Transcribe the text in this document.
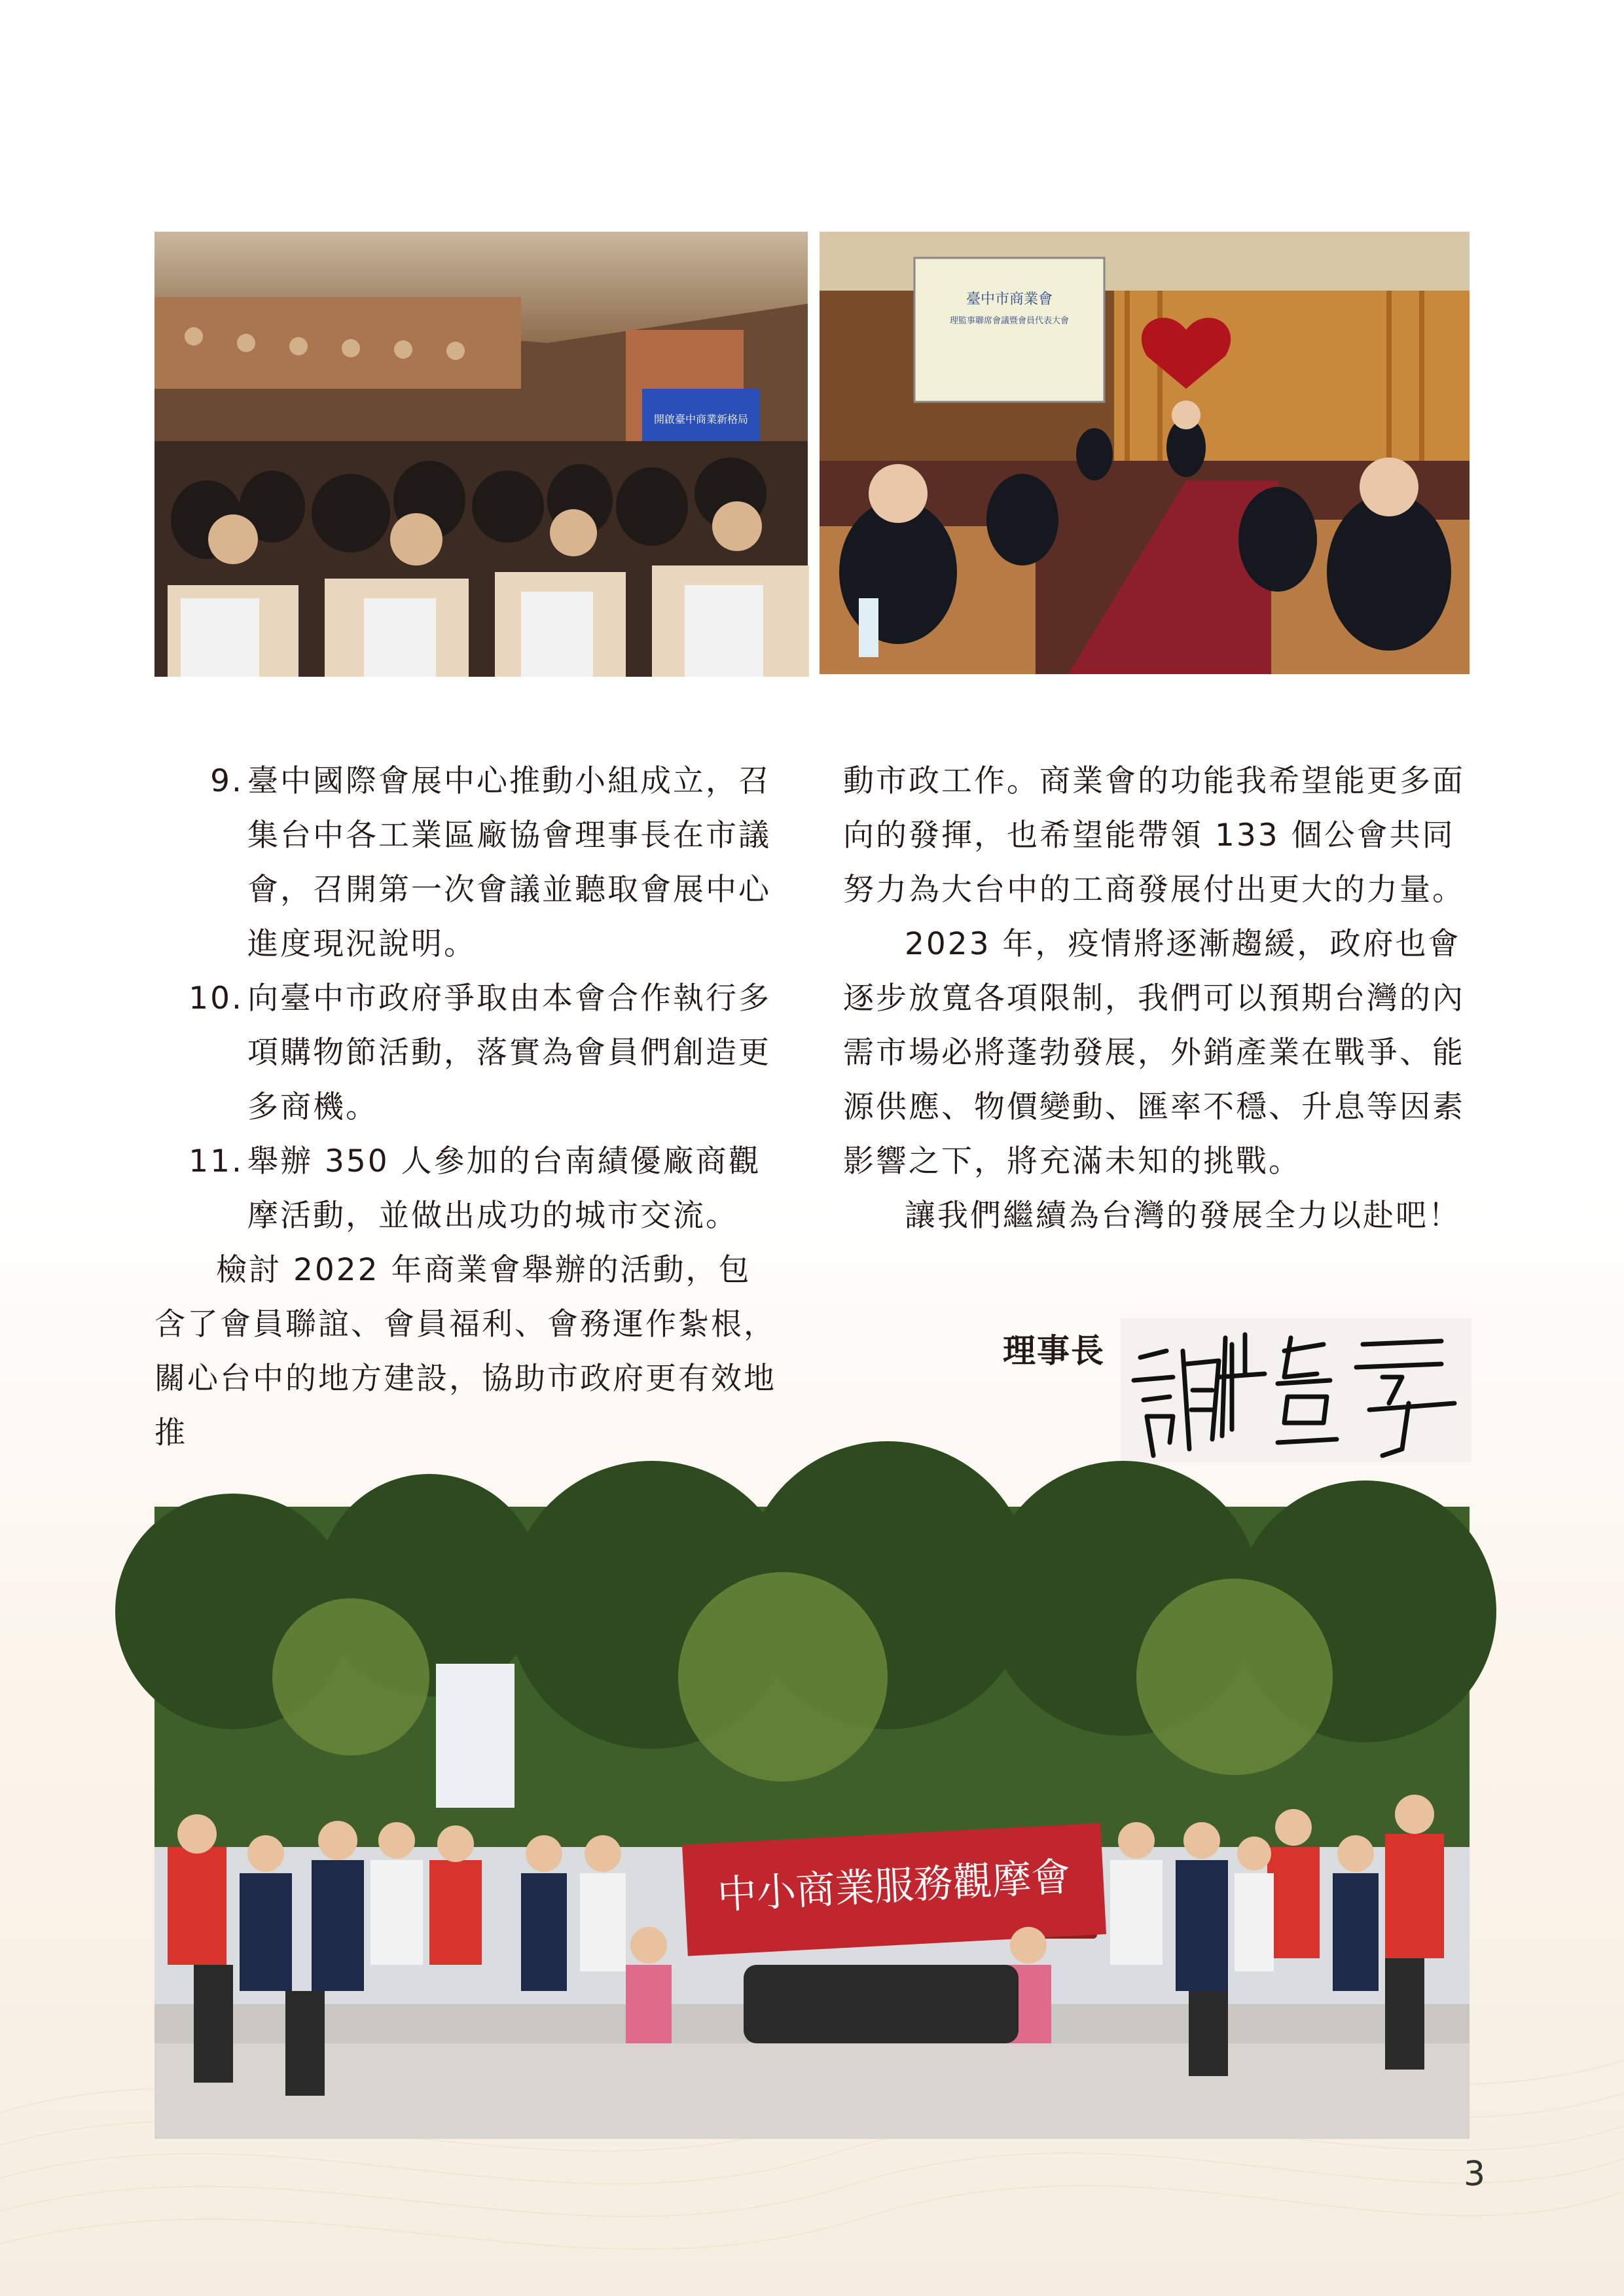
開啟臺中商業新格局
臺中市商業會
理監事聯席會議暨會員代表大會
9. 臺中國際會展中心推動小組成立，召集台中各工業區廠協會理事長在市議會，召開第一次會議並聽取會展中心進度現況說明。
10. 向臺中市政府爭取由本會合作執行多項購物節活動，落實為會員們創造更多商機。
11. 舉辦 350 人參加的台南績優廠商觀摩活動，並做出成功的城市交流。

檢討 2022 年商業會舉辦的活動，包含了會員聯誼、會員福利、會務運作紮根，關心台中的地方建設，協助市政府更有效地推

動市政工作。商業會的功能我希望能更多面向的發揮，也希望能帶領 133 個公會共同努力為大台中的工商發展付出更大的力量。

2023 年，疫情將逐漸趨緩，政府也會逐步放寬各項限制，我們可以預期台灣的內需市場必將蓬勃發展，外銷產業在戰爭、能源供應、物價變動、匯率不穩、升息等因素影響之下，將充滿未知的挑戰。

讓我們繼續為台灣的發展全力以赴吧！

理事長
謝豐享
中小商業服務觀摩會
3
